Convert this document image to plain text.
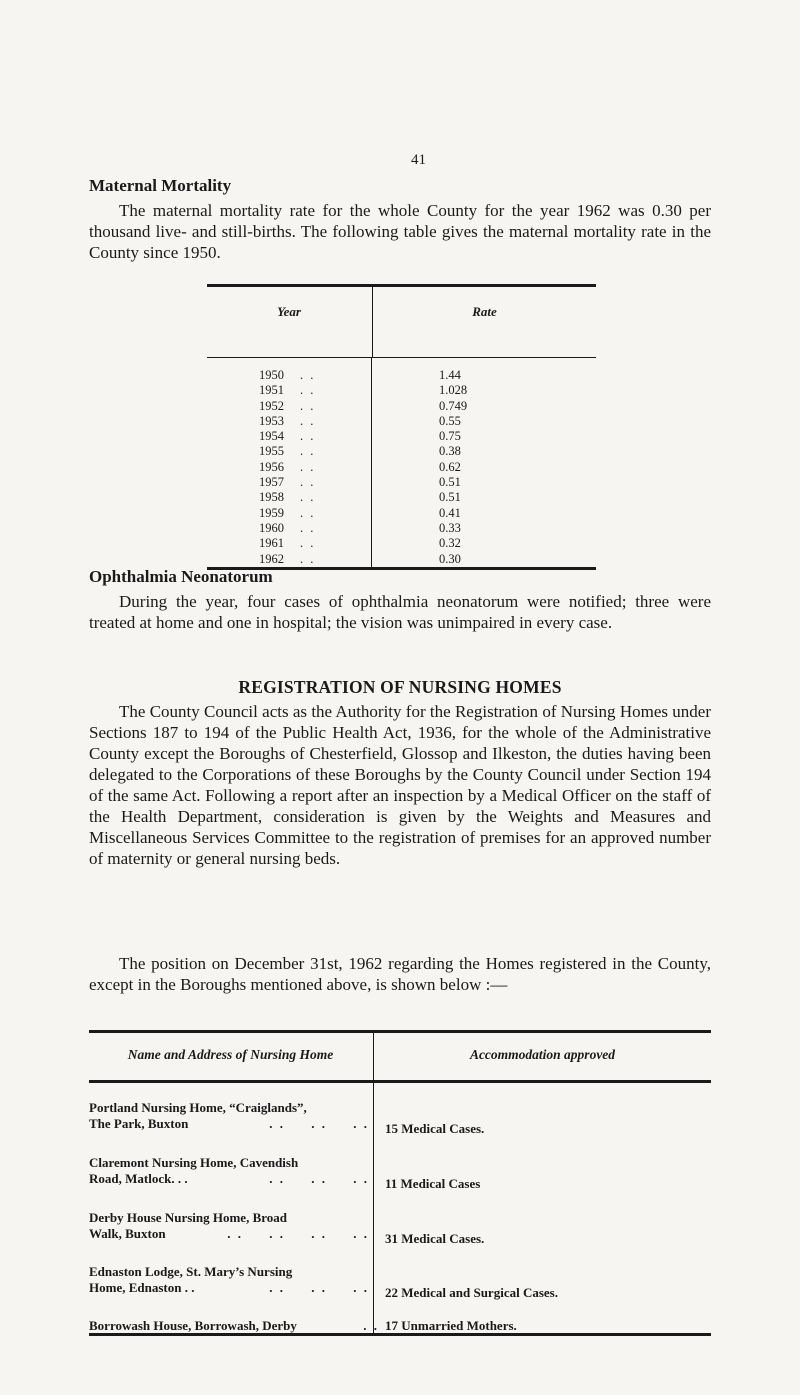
41
Maternal Mortality
The maternal mortality rate for the whole County for the year 1962 was 0.30 per thousand live- and still-births. The following table gives the maternal mortality rate in the County since 1950.
Year	Rate
1950 . .	1.44
1951 . .	1.028
1952 . .	0.749
1953 . .	0.55
1954 . .	0.75
1955 . .	0.38
1956 . .	0.62
1957 . .	0.51
1958 . .	0.51
1959 . .	0.41
1960 . .	0.33
1961 . .	0.32
1962 . .	0.30
Ophthalmia Neonatorum
During the year, four cases of ophthalmia neonatorum were notified; three were treated at home and one in hospital; the vision was unimpaired in every case.
REGISTRATION OF NURSING HOMES
The County Council acts as the Authority for the Registration of Nursing Homes under Sections 187 to 194 of the Public Health Act, 1936, for the whole of the Administrative County except the Boroughs of Chesterfield, Glossop and Ilkeston, the duties having been delegated to the Corporations of these Boroughs by the County Council under Section 194 of the same Act. Following a report after an inspection by a Medical Officer on the staff of the Health Department, consideration is given by the Weights and Measures and Miscellaneous Services Committee to the registration of premises for an approved number of maternity or general nursing beds.
The position on December 31st, 1962 regarding the Homes registered in the County, except in the Boroughs mentioned above, is shown below :—
Name and Address of Nursing Home	Accommodation approved
Portland Nursing Home, “Craiglands”,
The Park, Buxton	. .     . .     . . 15 Medical Cases.
Claremont Nursing Home, Cavendish
Road, Matlock. . .	. .     . .     . . 11 Medical Cases
Derby House Nursing Home, Broad
Walk, Buxton	. .     . .     . .     . . 31 Medical Cases.
Ednaston Lodge, St. Mary’s Nursing
Home, Ednaston . .	. .     . .     . . 22 Medical and Surgical Cases.
Borrowash House, Borrowash, Derby	. . 17 Unmarried Mothers.
